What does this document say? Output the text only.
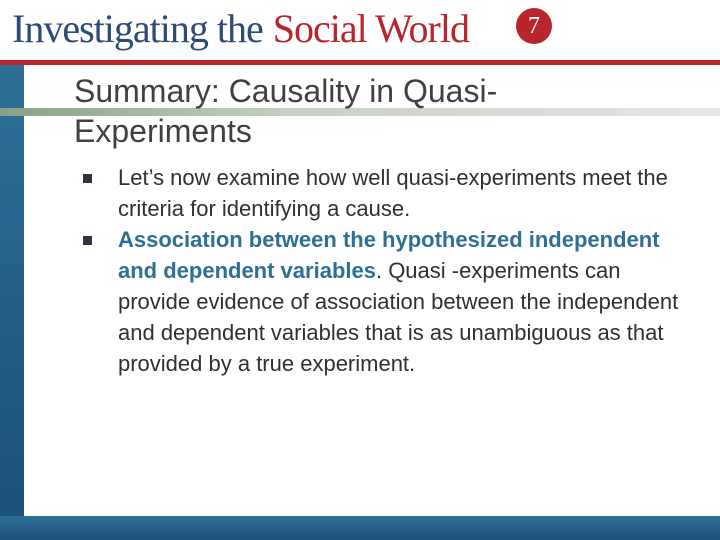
Investigating the Social World	7
Summary: Causality in Quasi-Experiments
Let’s now examine how well quasi-experiments meet the criteria for identifying a cause.
Association between the hypothesized independent and dependent variables. Quasi -experiments can provide evidence of association between the independent and dependent variables that is as unambiguous as that provided by a true experiment.
